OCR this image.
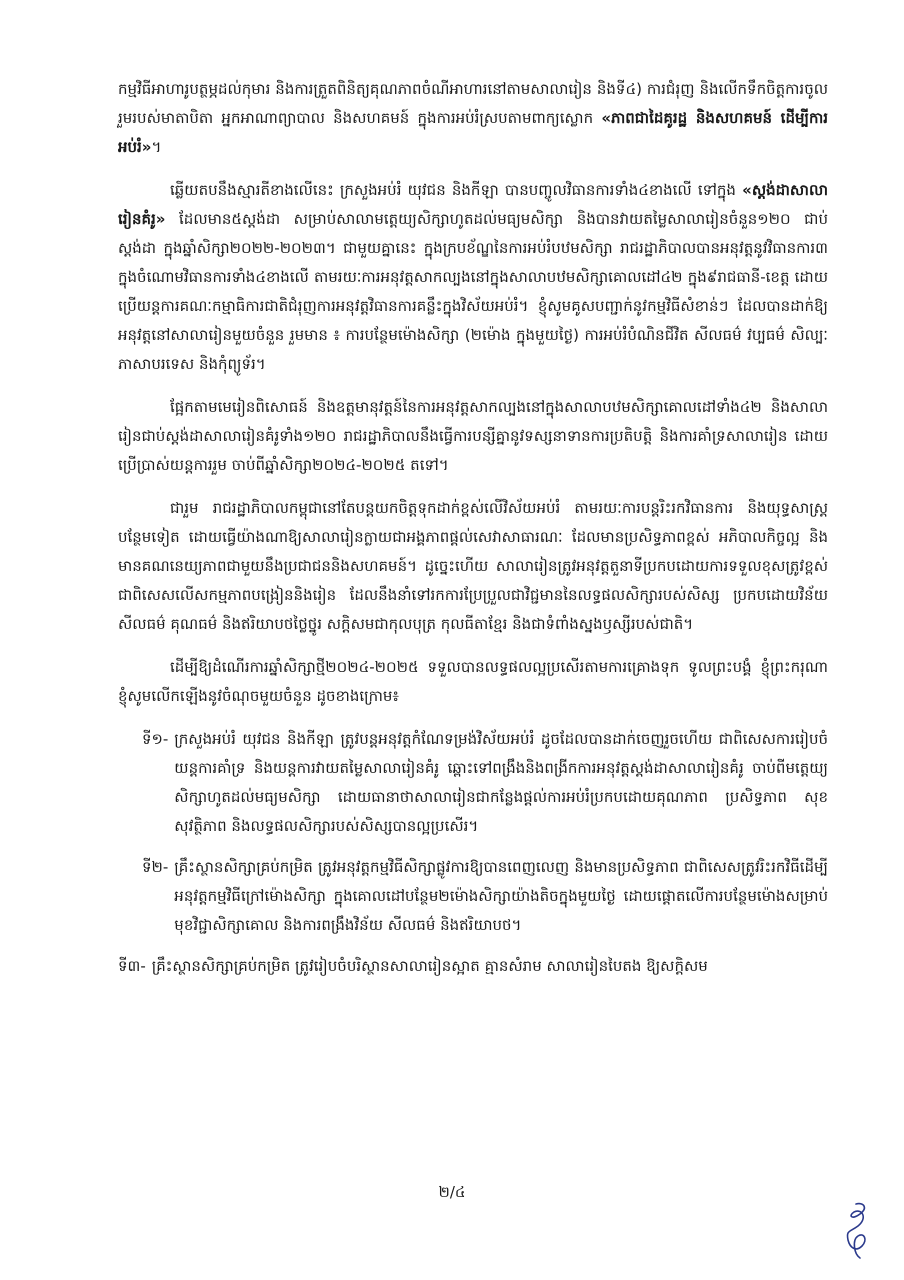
កម្មវិធីអាហារូបត្ថម្ភដល់កុមារ និងការត្រួតពិនិត្យគុណភាពចំណីអាហារនៅតាមសាលារៀន និងទី៤) ការជំរុញ និងលើកទឹកចិត្តការចូលរួមរបស់មាតាបិតា អ្នកអាណាព្យាបាល និងសហគមន៍ ក្នុងការអប់រំស្របតាមពាក្យស្លោក «ភាពជាដៃគូរដ្ឋ និងសហគមន៍ ដើម្បីការអប់រំ»។

ឆ្លើយតបនឹងស្មារតីខាងលើនេះ ក្រសួងអប់រំ យុវជន និងកីឡា បានបញ្ចូលវិធានការទាំង៤ខាងលើ ទៅក្នុង «ស្តង់ដាសាលារៀនគំរូ» ដែលមាន៥ស្តង់ដា សម្រាប់សាលាមត្តេយ្យសិក្សាហូតដល់មធ្យមសិក្សា និងបានវាយតម្លៃសាលារៀនចំនួន១២០ ជាប់ស្តង់ដា ក្នុងឆ្នាំសិក្សា២០២២-២០២៣។ ជាមួយគ្នានេះ ក្នុងក្របខ័ណ្ឌនៃការអប់រំបឋមសិក្សា រាជរដ្ឋាភិបាលបានអនុវត្តនូវវិធានការ៣ ក្នុងចំណោមវិធានការទាំង៤ខាងលើ តាមរយៈការអនុវត្តសាកល្បងនៅក្នុងសាលាបឋមសិក្សាគោលដៅ៤២ ក្នុង៩រាជធានី-ខេត្ត ដោយប្រើយន្តការគណៈកម្មាធិការជាតិជំរុញការអនុវត្តវិធានការគន្លឹះក្នុងវិស័យអប់រំ។ ខ្ញុំសូមគូសបញ្ជាក់នូវកម្មវិធីសំខាន់ៗ ដែលបានដាក់ឱ្យអនុវត្តនៅសាលារៀនមួយចំនួន រួមមាន ៖ ការបន្ថែមម៉ោងសិក្សា (២ម៉ោង ក្នុងមួយថ្ងៃ) ការអប់រំបំណិនជីវិត សីលធម៌ វប្បធម៌ សិល្បៈ ភាសាបរទេស និងកុំព្យូទ័រ។

ផ្អែកតាមមេរៀនពិសោធន៍ និងឧត្តមានុវត្តន៍នៃការអនុវត្តសាកល្បងនៅក្នុងសាលាបឋមសិក្សាគោលដៅទាំង៤២ និងសាលារៀនជាប់ស្តង់ដាសាលារៀនគំរូទាំង១២០ រាជរដ្ឋាភិបាលនឹងធ្វើការបន្សីគ្នានូវទស្សនាទានការប្រតិបត្តិ និងការគាំទ្រសាលារៀន ដោយប្រើប្រាស់យន្តការរួម ចាប់ពីឆ្នាំសិក្សា២០២៤-២០២៥ តទៅ។

ជារួម រាជរដ្ឋាភិបាលកម្ពុជានៅតែបន្តយកចិត្តទុកដាក់ខ្ពស់លើវិស័យអប់រំ តាមរយៈការបន្តរិះរកវិធានការ និងយុទ្ធសាស្ត្របន្ថែមទៀត ដោយធ្វើយ៉ាងណាឱ្យសាលារៀនក្លាយជាអង្គភាពផ្តល់សេវាសាធារណៈ ដែលមានប្រសិទ្ធភាពខ្ពស់ អភិបាលកិច្ចល្អ និងមានគណនេយ្យភាពជាមួយនឹងប្រជាជននិងសហគមន៍។ ដូច្នេះហើយ សាលារៀនត្រូវអនុវត្តតួនាទីប្រកបដោយការទទួលខុសត្រូវខ្ពស់ ជាពិសេសលើសកម្មភាពបង្រៀននិងរៀន ដែលនឹងនាំទៅរកការប្រែប្រួលជាវិជ្ជមាននៃលទ្ធផលសិក្សារបស់សិស្ស ប្រកបដោយវិន័យ សីលធម៌ គុណធម៌ និងឥរិយាបថថ្លៃថ្នូរ សក្តិសមជាកុលបុត្រ កុលធីតាខ្មែរ និងជាទំពាំងស្នងឫស្សីរបស់ជាតិ។

ដើម្បីឱ្យដំណើរការឆ្នាំសិក្សាថ្មី២០២៤-២០២៥ ទទួលបានលទ្ធផលល្អប្រសើរតាមការគ្រោងទុក ទូលព្រះបង្គំ ខ្ញុំព្រះករុណា ខ្ញុំសូមលើកឡើងនូវចំណុចមួយចំនួន ដូចខាងក្រោម៖

ទី១- ក្រសួងអប់រំ យុវជន និងកីឡា ត្រូវបន្តអនុវត្តកំណែទម្រង់វិស័យអប់រំ ដូចដែលបានដាក់ចេញរួចហើយ ជាពិសេសការរៀបចំយន្តការគាំទ្រ និងយន្តការវាយតម្លៃសាលារៀនគំរូ ឆ្ពោះទៅពង្រឹងនិងពង្រីកការអនុវត្តស្តង់ដាសាលារៀនគំរូ ចាប់ពីមត្តេយ្យសិក្សាហូតដល់មធ្យមសិក្សា ដោយធានាថាសាលារៀនជាកន្លែងផ្តល់ការអប់រំប្រកបដោយគុណភាព ប្រសិទ្ធភាព សុខសុវត្ថិភាព និងលទ្ធផលសិក្សារបស់សិស្សបានល្អប្រសើរ។
ទី២- គ្រឹះស្ថានសិក្សាគ្រប់កម្រិត ត្រូវអនុវត្តកម្មវិធីសិក្សាផ្លូវការឱ្យបានពេញលេញ និងមានប្រសិទ្ធភាព ជាពិសេសត្រូវរិះរកវិធីដើម្បីអនុវត្តកម្មវិធីក្រៅម៉ោងសិក្សា ក្នុងគោលដៅបន្ថែម២ម៉ោងសិក្សាយ៉ាងតិចក្នុងមួយថ្ងៃ ដោយផ្តោតលើការបន្ថែមម៉ោងសម្រាប់មុខវិជ្ជាសិក្សាគោល និងការពង្រឹងវិន័យ សីលធម៌ និងឥរិយាបថ។
ទី៣- គ្រឹះស្ថានសិក្សាគ្រប់កម្រិត ត្រូវរៀបចំបរិស្ថានសាលារៀនស្អាត គ្មានសំរាម សាលារៀនបៃតង ឱ្យសក្តិសម
២/៤
